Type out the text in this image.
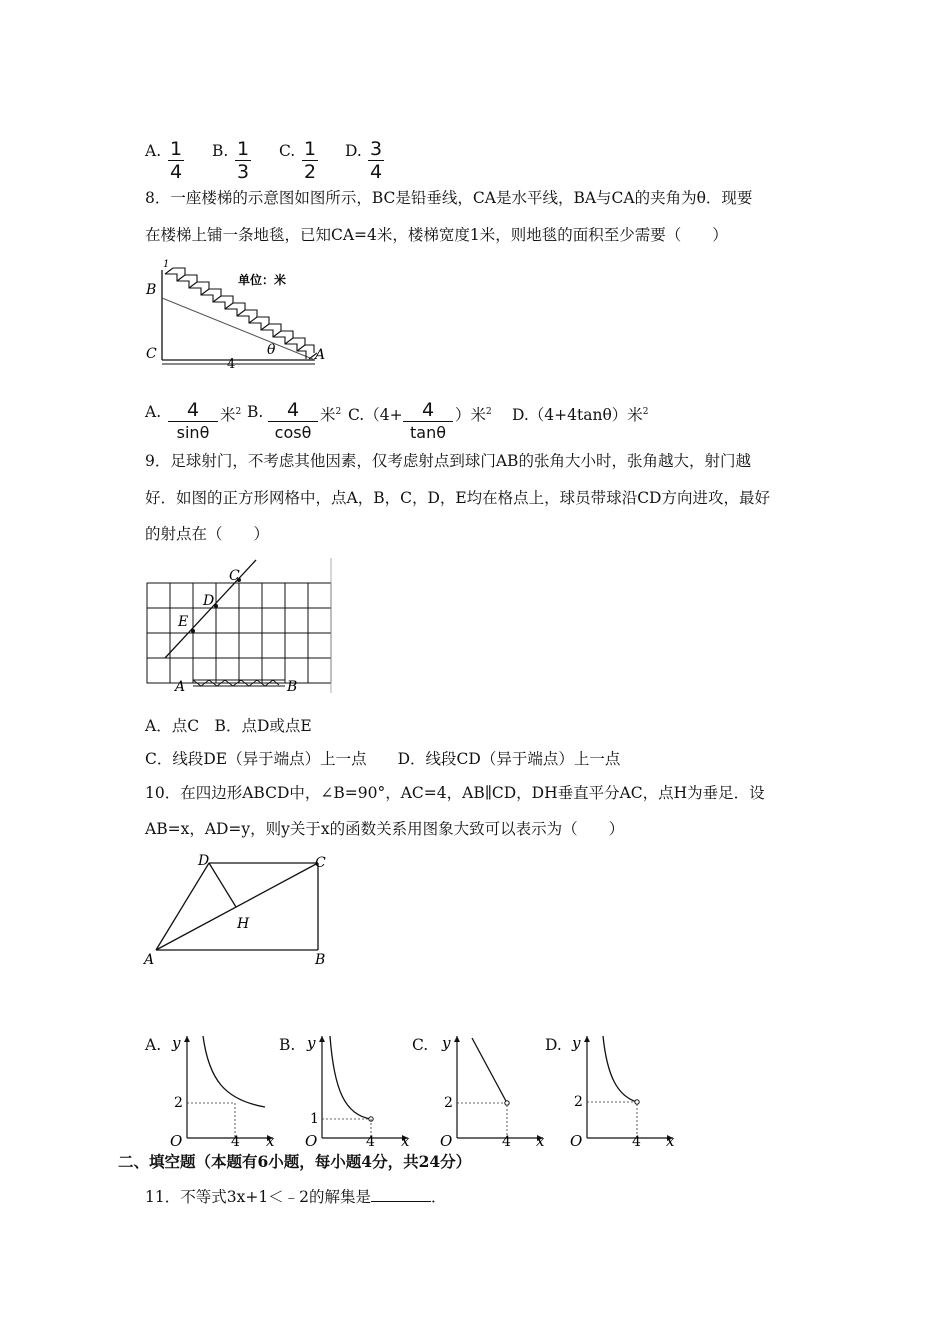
A. 1
4
B. 1
3
C. 1
2
D. 3
4
8．一座楼梯的示意图如图所示，BC是铅垂线，CA是水平线，BA与CA的夹角为θ．现要
在楼梯上铺一条地毯，已知CA=4米，楼梯宽度1米，则地毯的面积至少需要（　　）
单位：米
1
B
C	A
θ
4
A.	4
sinθ
米$^2$ B.	4
cosθ
米$^2$ C.（4+	4
tanθ
）米$^2$ D.（4+4tanθ）米$^2$
9．足球射门，不考虑其他因素，仅考虑射点到球门AB的张角大小时，张角越大，射门越
好．如图的正方形网格中，点A，B，C，D，E均在格点上，球员带球沿CD方向进攻，最好
的射点在（　　）
C
D
E
A	B
A．点C　B．点D或点E
C．线段DE（异于端点）上一点　　D．线段CD（异于端点）上一点
10．在四边形ABCD中，∠B=90°，AC=4，AB∥CD，DH垂直平分AC，点H为垂足．设
AB=x，AD=y，则y关于x的函数关系用图象大致可以表示为（　　）
A	B
C
D
H
A. y
x
O
2
4
B. y
x
O
1
4
C. y
x
O
2
4
D. y
x
O
2
4
二、填空题（本题有6小题，每小题4分，共24分）
11．不等式3x+1＜﹣2的解集是	．
